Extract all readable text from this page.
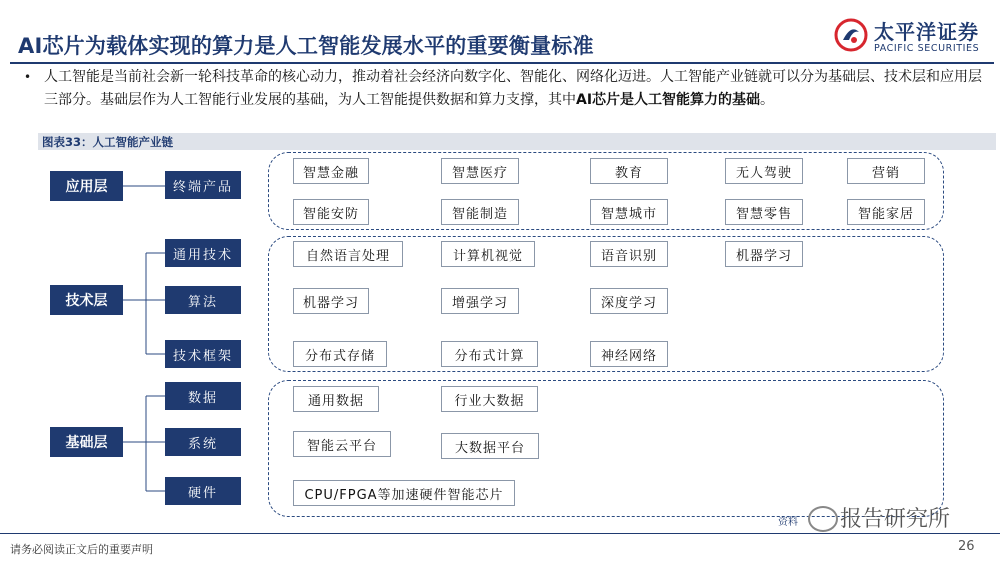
AI芯片为载体实现的算力是人工智能发展水平的重要衡量标准
太平洋证券
PACIFIC SECURITIES
• 人工智能是当前社会新一轮科技革命的核心动力，推动着社会经济向数字化、智能化、网络化迈进。人工智能产业链就可以分为基础层、技术层和应用层三部分。基础层作为人工智能行业发展的基础，为人工智能提供数据和算力支撑，其中AI芯片是人工智能算力的基础。
图表33：人工智能产业链
应用层
技术层
基础层
终端产品
通用技术
算法
技术框架
数据
系统
硬件
智慧金融	智慧医疗	教育	无人驾驶	营销
智能安防	智能制造	智慧城市	智慧零售	智能家居
自然语言处理	计算机视觉	语音识别	机器学习
机器学习	增强学习	深度学习
分布式存储	分布式计算	神经网络
通用数据	行业大数据
智能云平台	大数据平台
CPU/FPGA等加速硬件智能芯片
资料 报告研究所
请务必阅读正文后的重要声明	26
